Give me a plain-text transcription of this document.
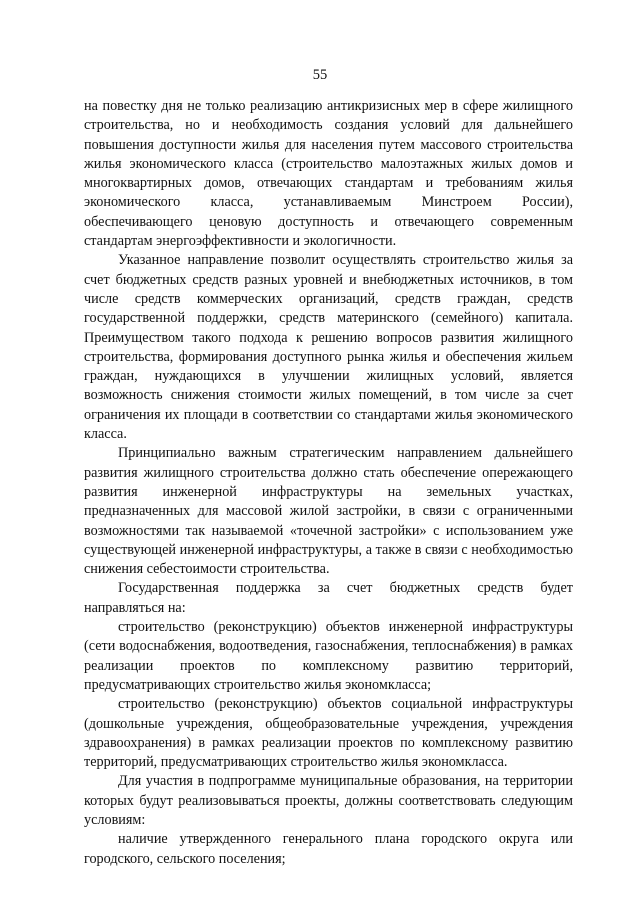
55

на повестку дня не только реализацию антикризисных мер в сфере жилищного строительства, но и необходимость создания условий для дальнейшего повышения доступности жилья для населения путем массового строительства жилья экономического класса (строительство малоэтажных жилых домов и многоквартирных домов, отвечающих стандартам и требованиям жилья экономического класса, устанавливаемым Минстроем России), обеспечивающего ценовую доступность и отвечающего современным стандартам энергоэффективности и экологичности.

Указанное направление позволит осуществлять строительство жилья за счет бюджетных средств разных уровней и внебюджетных источников, в том числе средств коммерческих организаций, средств граждан, средств государственной поддержки, средств материнского (семейного) капитала. Преимуществом такого подхода к решению вопросов развития жилищного строительства, формирования доступного рынка жилья и обеспечения жильем граждан, нуждающихся в улучшении жилищных условий, является возможность снижения стоимости жилых помещений, в том числе за счет ограничения их площади в соответствии со стандартами жилья экономического класса.

Принципиально важным стратегическим направлением дальнейшего развития жилищного строительства должно стать обеспечение опережающего развития инженерной инфраструктуры на земельных участках, предназначенных для массовой жилой застройки, в связи с ограниченными возможностями так называемой «точечной застройки» с использованием уже существующей инженерной инфраструктуры, а также в связи с необходимостью снижения себестоимости строительства.

Государственная поддержка за счет бюджетных средств будет направляться на:

строительство (реконструкцию) объектов инженерной инфраструктуры (сети водоснабжения, водоотведения, газоснабжения, теплоснабжения) в рамках реализации проектов по комплексному развитию территорий, предусматривающих строительство жилья экономкласса;

строительство (реконструкцию) объектов социальной инфраструктуры (дошкольные учреждения, общеобразовательные учреждения, учреждения здравоохранения) в рамках реализации проектов по комплексному развитию территорий, предусматривающих строительство жилья экономкласса.

Для участия в подпрограмме муниципальные образования, на территории которых будут реализовываться проекты, должны соответствовать следующим условиям:

наличие утвержденного генерального плана городского округа или городского, сельского поселения;
